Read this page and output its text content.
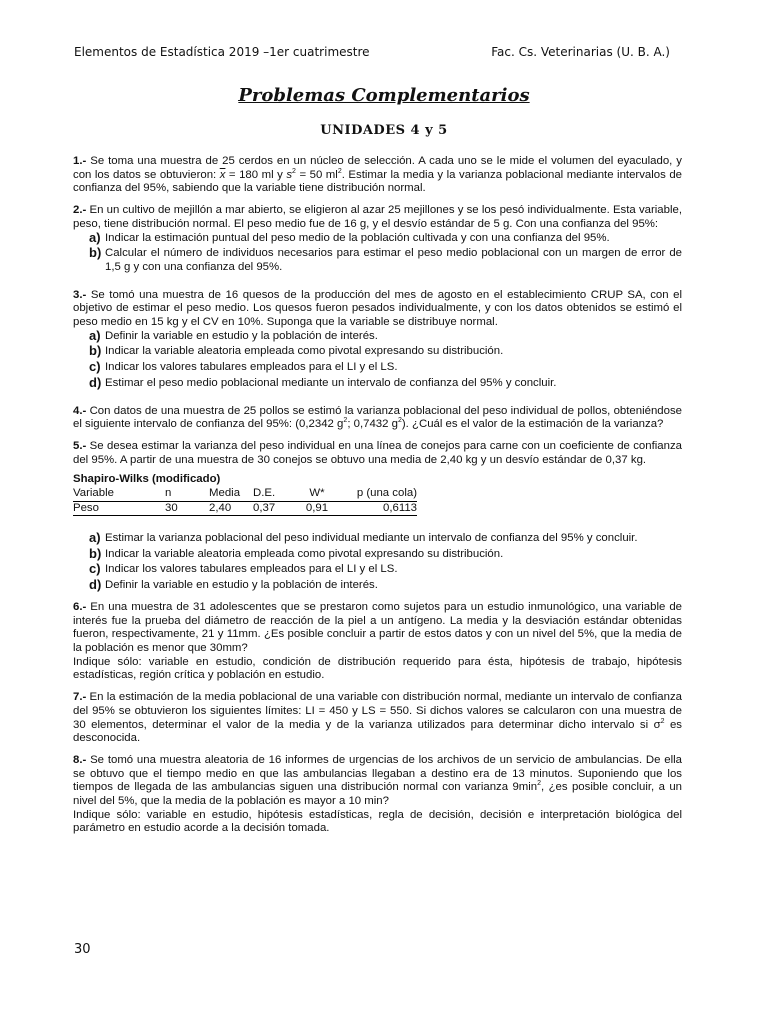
Elementos de Estadística 2019 –1er cuatrimestre	Fac. Cs. Veterinarias (U. B. A.)
Problemas Complementarios
UNIDADES 4 y 5

1.- Se toma una muestra de 25 cerdos en un núcleo de selección. A cada uno se le mide el volumen del eyaculado, y con los datos se obtuvieron: $\overline{x} = 180$ ml y $s^2 = 50$ $ml^2$. Estimar la media y la varianza poblacional mediante intervalos de confianza del 95%, sabiendo que la variable tiene distribución normal.

2.- En un cultivo de mejillón a mar abierto, se eligieron al azar 25 mejillones y se los pesó individualmente. Esta variable, peso, tiene distribución normal. El peso medio fue de 16 g, y el desvío estándar de 5 g. Con una confianza del 95%:
a) Indicar la estimación puntual del peso medio de la población cultivada y con una confianza del 95%.
b) Calcular el número de individuos necesarios para estimar el peso medio poblacional con un margen de error de 1,5 g y con una confianza del 95%.
3.- Se tomó una muestra de 16 quesos de la producción del mes de agosto en el establecimiento CRUP SA, con el objetivo de estimar el peso medio. Los quesos fueron pesados individualmente, y con los datos obtenidos se estimó el peso medio en 15 kg y el CV en 10%. Suponga que la variable se distribuye normal.
a) Definir la variable en estudio y la población de interés.
b) Indicar la variable aleatoria empleada como pivotal expresando su distribución.
c) Indicar los valores tabulares empleados para el LI y el LS.
d) Estimar el peso medio poblacional mediante un intervalo de confianza del 95% y concluir.

4.- Con datos de una muestra de 25 pollos se estimó la varianza poblacional del peso individual de pollos, obteniéndose el siguiente intervalo de confianza del 95%: (0,2342 $g^2$; 0,7432 $g^2$). ¿Cuál es el valor de la estimación de la varianza?

5.- Se desea estimar la varianza del peso individual en una línea de conejos para carne con un coeficiente de confianza del 95%. A partir de una muestra de 30 conejos se obtuvo una media de 2,40 kg y un desvío estándar de 0,37 kg.
Shapiro-Wilks (modificado)
Variable	n	Media	D.E.	W*	p (una cola)
Peso	30	2,40	0,37	0,91	0,6113
a) Estimar la varianza poblacional del peso individual mediante un intervalo de confianza del 95% y concluir.
b) Indicar la variable aleatoria empleada como pivotal expresando su distribución.
c) Indicar los valores tabulares empleados para el LI y el LS.
d) Definir la variable en estudio y la población de interés.
6.- En una muestra de 31 adolescentes que se prestaron como sujetos para un estudio inmunológico, una variable de interés fue la prueba del diámetro de reacción de la piel a un antígeno. La media y la desviación estándar obtenidas fueron, respectivamente, 21 y 11mm. ¿Es posible concluir a partir de estos datos y con un nivel del 5%, que la media de la población es menor que 30mm?
Indique sólo: variable en estudio, condición de distribución requerido para ésta, hipótesis de trabajo, hipótesis estadísticas, región crítica y población en estudio.

7.- En la estimación de la media poblacional de una variable con distribución normal, mediante un intervalo de confianza del 95% se obtuvieron los siguientes límites: LI = 450 y LS = 550. Si dichos valores se calcularon con una muestra de 30 elementos, determinar el valor de la media y de la varianza utilizados para determinar dicho intervalo si $\sigma^2$ es desconocida.

8.- Se tomó una muestra aleatoria de 16 informes de urgencias de los archivos de un servicio de ambulancias. De ella se obtuvo que el tiempo medio en que las ambulancias llegaban a destino era de 13 minutos. Suponiendo que los tiempos de llegada de las ambulancias siguen una distribución normal con varianza $9\min^2$, ¿es posible concluir, a un nivel del 5%, que la media de la población es mayor a 10 min?
Indique sólo: variable en estudio, hipótesis estadísticas, regla de decisión, decisión e interpretación biológica del parámetro en estudio acorde a la decisión tomada.
30
